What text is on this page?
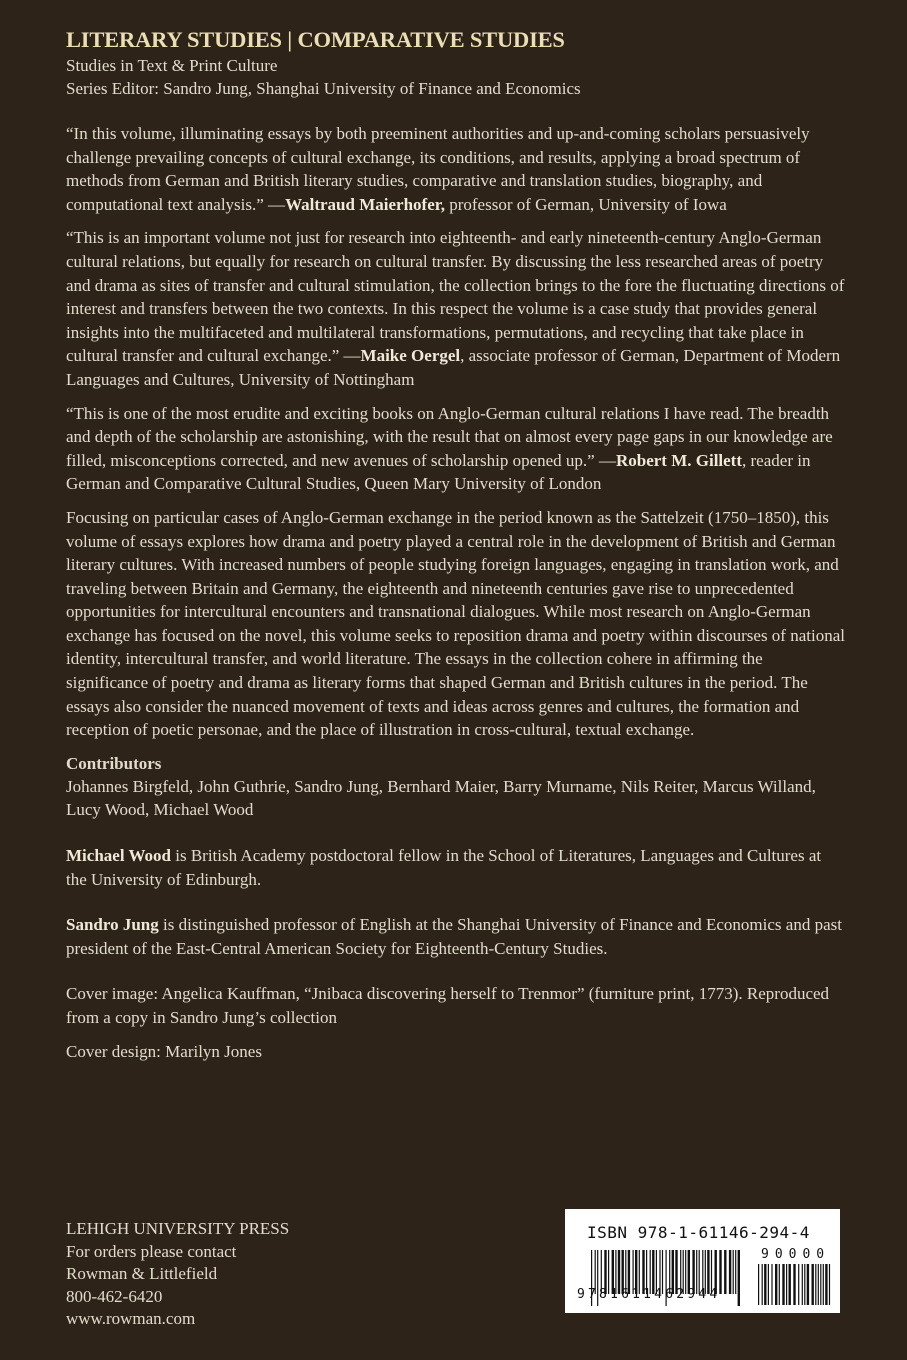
LITERARY STUDIES | COMPARATIVE STUDIES
Studies in Text & Print Culture
Series Editor: Sandro Jung, Shanghai University of Finance and Economics

“In this volume, illuminating essays by both preeminent authorities and up-and-coming scholars persuasively challenge prevailing concepts of cultural exchange, its conditions, and results, applying a broad spectrum of methods from German and British literary studies, comparative and translation studies, biography, and computational text analysis.” —Waltraud Maierhofer, professor of German, University of Iowa

“This is an important volume not just for research into eighteenth- and early nineteenth-century Anglo-German cultural relations, but equally for research on cultural transfer. By discussing the less researched areas of poetry and drama as sites of transfer and cultural stimulation, the collection brings to the fore the fluctuating directions of interest and transfers between the two contexts. In this respect the volume is a case study that provides general insights into the multifaceted and multilateral transformations, permutations, and recycling that take place in cultural transfer and cultural exchange.” —Maike Oergel, associate professor of German, Department of Modern Languages and Cultures, University of Nottingham

“This is one of the most erudite and exciting books on Anglo-German cultural relations I have read. The breadth and depth of the scholarship are astonishing, with the result that on almost every page gaps in our knowledge are filled, misconceptions corrected, and new avenues of scholarship opened up.” —Robert M. Gillett, reader in German and Comparative Cultural Studies, Queen Mary University of London

Focusing on particular cases of Anglo-German exchange in the period known as the Sattelzeit (1750–1850), this volume of essays explores how drama and poetry played a central role in the development of British and German literary cultures. With increased numbers of people studying foreign languages, engaging in translation work, and traveling between Britain and Germany, the eighteenth and nineteenth centuries gave rise to unprecedented opportunities for intercultural encounters and transnational dialogues. While most research on Anglo-German exchange has focused on the novel, this volume seeks to reposition drama and poetry within discourses of national identity, intercultural transfer, and world literature. The essays in the collection cohere in affirming the significance of poetry and drama as literary forms that shaped German and British cultures in the period. The essays also consider the nuanced movement of texts and ideas across genres and cultures, the formation and reception of poetic personae, and the place of illustration in cross-cultural, textual exchange.

Contributors

Johannes Birgfeld, John Guthrie, Sandro Jung, Bernhard Maier, Barry Murname, Nils Reiter, Marcus Willand, Lucy Wood, Michael Wood

Michael Wood is British Academy postdoctoral fellow in the School of Literatures, Languages and Cultures at the University of Edinburgh.

Sandro Jung is distinguished professor of English at the Shanghai University of Finance and Economics and past president of the East-Central American Society for Eighteenth-Century Studies.

Cover image: Angelica Kauffman, “Jnibaca discovering herself to Trenmor” (furniture print, 1773). Reproduced from a copy in Sandro Jung’s collection

Cover design: Marilyn Jones

LEHIGH UNIVERSITY PRESS
For orders please contact
Rowman & Littlefield
800-462-6420
www.rowman.com
ISBN 978-1-61146-294-4
90000
9781611462944
